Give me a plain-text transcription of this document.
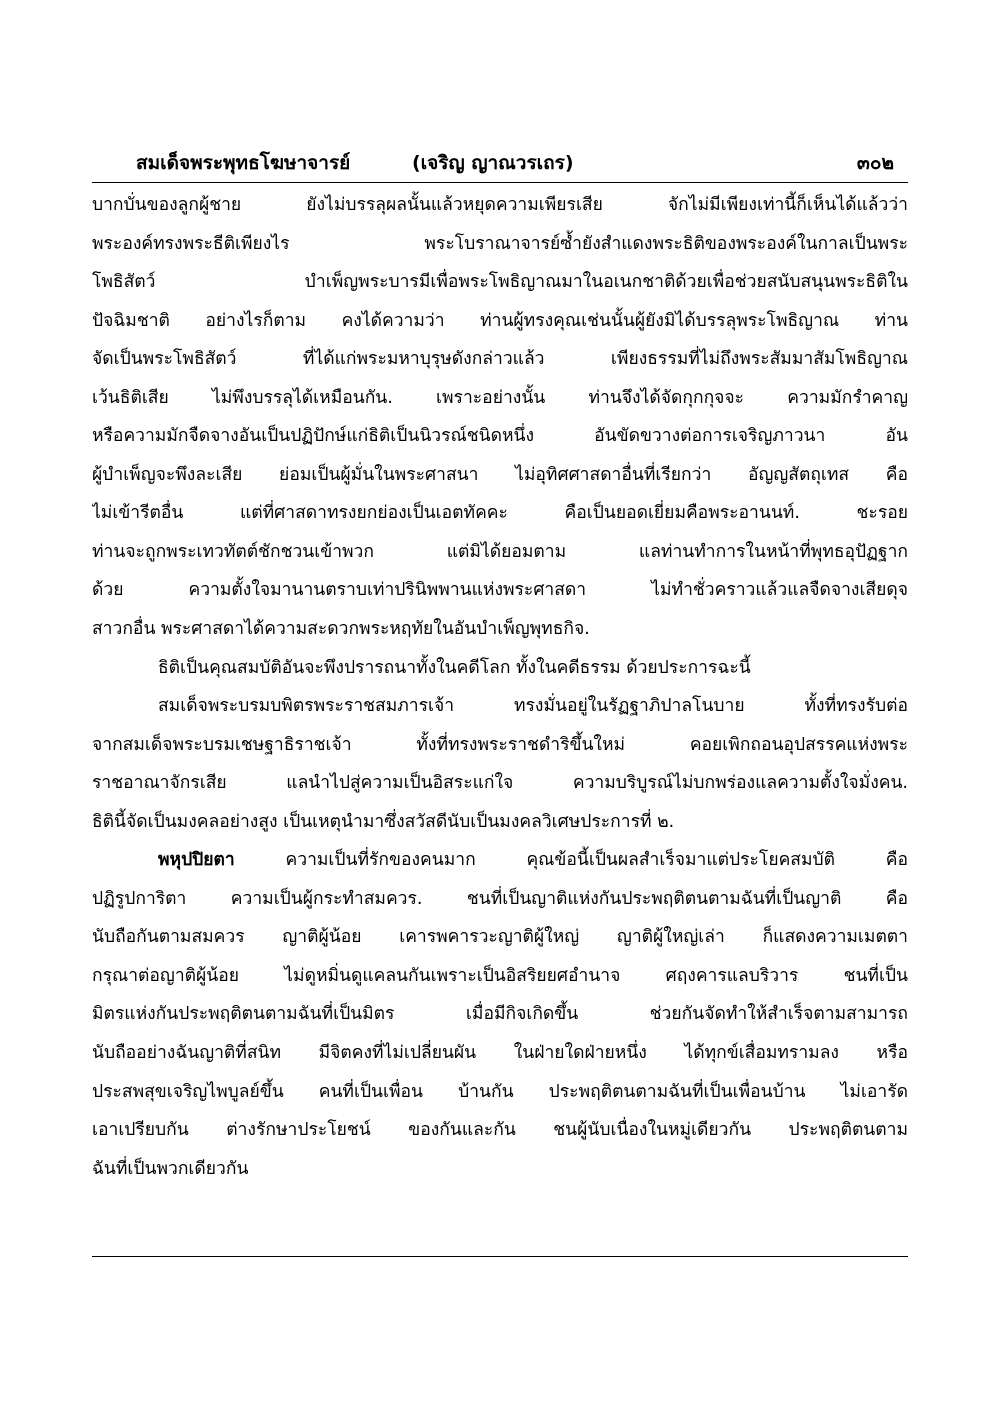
สมเด็จพระพุทธโฆษาจารย์	(เจริญ ญาณวรเถร)	๓๐๒
บากบั่นของลูกผู้ชาย ยังไม่บรรลุผลนั้นแล้วหยุดความเพียรเสีย จักไม่มีเพียงเท่านี้ก็เห็นได้แล้วว่า
พระองค์ทรงพระธีติเพียงไร พระโบราณาจารย์ซ้ำยังสำแดงพระธิติของพระองค์ในกาลเป็นพระ
โพธิสัตว์ บำเพ็ญพระบารมีเพื่อพระโพธิญาณมาในอเนกชาติด้วยเพื่อช่วยสนับสนุนพระธิติใน
ปัจฉิมชาติ อย่างไรก็ตาม คงได้ความว่า ท่านผู้ทรงคุณเช่นนั้นผู้ยังมิได้บรรลุพระโพธิญาณ ท่าน
จัดเป็นพระโพธิสัตว์ ที่ได้แก่พระมหาบุรุษดังกล่าวแล้ว เพียงธรรมที่ไม่ถึงพระสัมมาสัมโพธิญาณ
เว้นธิติเสีย ไม่พึงบรรลุได้เหมือนกัน. เพราะอย่างนั้น ท่านจึงได้จัดกุกกุจจะ ความมักรำคาญ
หรือความมักจืดจางอันเป็นปฏิปักษ์แก่ธิติเป็นนิวรณ์ชนิดหนึ่ง อันขัดขวางต่อการเจริญภาวนา อัน
ผู้บำเพ็ญจะพึงละเสีย ย่อมเป็นผู้มั่นในพระศาสนา ไม่อุทิศศาสดาอื่นที่เรียกว่า อัญญสัตถุเทส คือ
ไม่เข้ารีตอื่น แต่ที่ศาสดาทรงยกย่องเป็นเอตทัคคะ คือเป็นยอดเยี่ยมคือพระอานนท์. ชะรอย
ท่านจะถูกพระเทวทัตต์ชักชวนเข้าพวก แต่มิได้ยอมตาม แลท่านทำการในหน้าที่พุทธอุปัฏฐาก
ด้วย ความตั้งใจมานานตราบเท่าปรินิพพานแห่งพระศาสดา ไม่ทำชั่วคราวแล้วแลจืดจางเสียดุจ
สาวกอื่น พระศาสดาได้ความสะดวกพระหฤทัยในอันบำเพ็ญพุทธกิจ.
ธิติเป็นคุณสมบัติอันจะพึงปรารถนาทั้งในคดีโลก ทั้งในคดีธรรม ด้วยประการฉะนี้
สมเด็จพระบรมบพิตรพระราชสมภารเจ้า ทรงมั่นอยู่ในรัฏฐาภิปาลโนบาย ทั้งที่ทรงรับต่อ
จากสมเด็จพระบรมเชษฐาธิราชเจ้า ทั้งที่ทรงพระราชดำริขึ้นใหม่ คอยเพิกถอนอุปสรรคแห่งพระ
ราชอาณาจักรเสีย แลนำไปสู่ความเป็นอิสระแก่ใจ ความบริบูรณ์ไม่บกพร่องแลความตั้งใจมั่งคน.
ธิตินี้จัดเป็นมงคลอย่างสูง เป็นเหตุนำมาซึ่งสวัสดีนับเป็นมงคลวิเศษประการที่ ๒.
พหุปปิยตา ความเป็นที่รักของคนมาก คุณข้อนี้เป็นผลสำเร็จมาแต่ประโยคสมบัติ คือ
ปฏิรูปการิตา ความเป็นผู้กระทำสมควร. ชนที่เป็นญาติแห่งกันประพฤติตนตามฉันที่เป็นญาติ คือ
นับถือกันตามสมควร ญาติผู้น้อย เคารพคารวะญาติผู้ใหญ่ ญาติผู้ใหญ่เล่า ก็แสดงความเมตตา
กรุณาต่อญาติผู้น้อย ไม่ดูหมิ่นดูแคลนกันเพราะเป็นอิสริยยศอำนาจ ศฤงคารแลบริวาร ชนที่เป็น
มิตรแห่งกันประพฤติตนตามฉันที่เป็นมิตร เมื่อมีกิจเกิดขึ้น ช่วยกันจัดทำให้สำเร็จตามสามารถ
นับถืออย่างฉันญาติที่สนิท มีจิตคงที่ไม่เปลี่ยนผัน ในฝ่ายใดฝ่ายหนึ่ง ได้ทุกข์เสื่อมทรามลง หรือ
ประสพสุขเจริญไพบูลย์ขึ้น คนที่เป็นเพื่อน บ้านกัน ประพฤติตนตามฉันที่เป็นเพื่อนบ้าน ไม่เอารัด
เอาเปรียบกัน ต่างรักษาประโยชน์ ของกันและกัน ชนผู้นับเนื่องในหมู่เดียวกัน ประพฤติตนตาม
ฉันที่เป็นพวกเดียวกัน
